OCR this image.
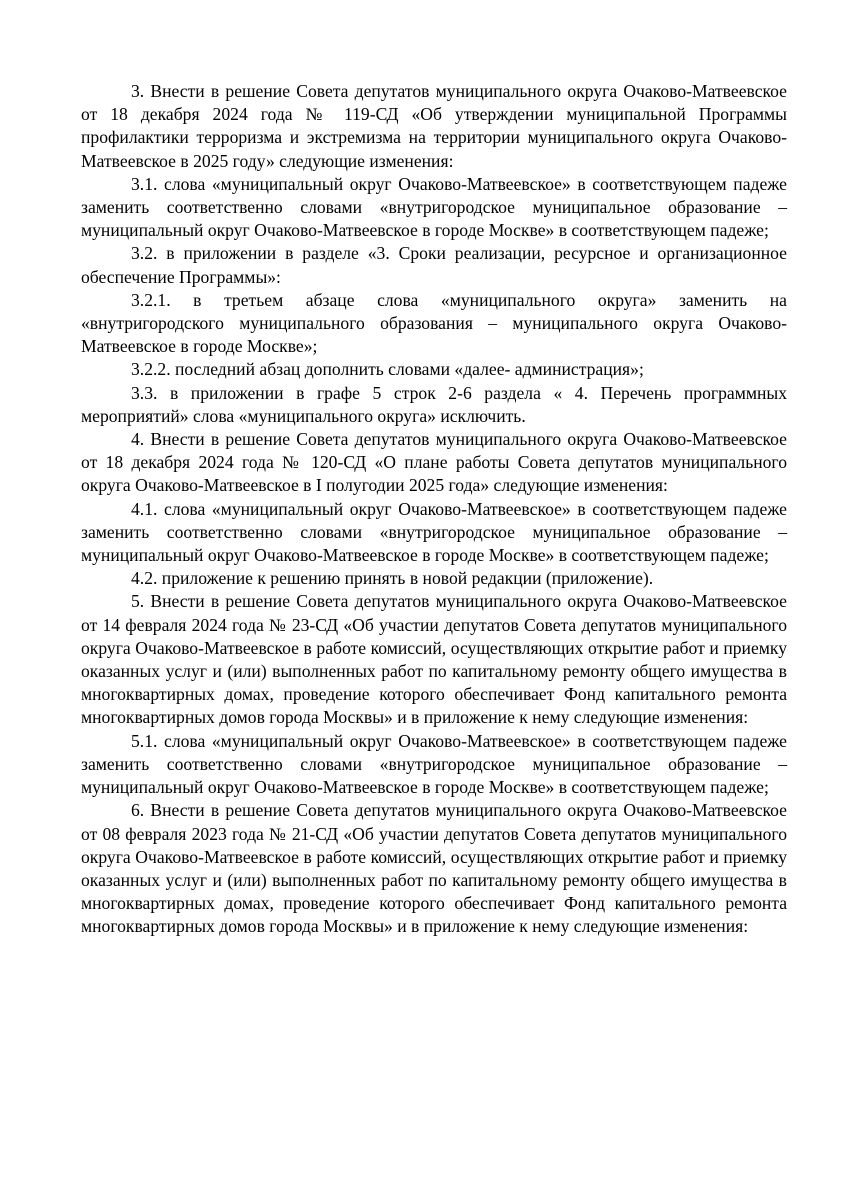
3. Внести в решение Совета депутатов муниципального округа Очаково-Матвеевское от 18 декабря 2024 года № 119-СД «Об утверждении муниципальной Программы профилактики терроризма и экстремизма на территории муниципального округа Очаково-Матвеевское в 2025 году» следующие изменения:

3.1. слова «муниципальный округ Очаково-Матвеевское» в соответствующем падеже заменить соответственно словами «внутригородское муниципальное образование – муниципальный округ Очаково-Матвеевское в городе Москве» в соответствующем падеже;

3.2. в приложении в разделе «3. Сроки реализации, ресурсное и организационное обеспечение Программы»:

3.2.1. в третьем абзаце слова «муниципального округа» заменить на «внутригородского муниципального образования – муниципального округа Очаково-Матвеевское в городе Москве»;

3.2.2. последний абзац дополнить словами «далее- администрация»;

3.3. в приложении в графе 5 строк 2-6 раздела « 4. Перечень программных мероприятий» слова «муниципального округа» исключить.

4. Внести в решение Совета депутатов муниципального округа Очаково-Матвеевское от 18 декабря 2024 года № 120-СД «О плане работы Совета депутатов муниципального округа Очаково-Матвеевское в I полугодии 2025 года» следующие изменения:

4.1. слова «муниципальный округ Очаково-Матвеевское» в соответствующем падеже заменить соответственно словами «внутригородское муниципальное образование – муниципальный округ Очаково-Матвеевское в городе Москве» в соответствующем падеже;

4.2. приложение к решению принять в новой редакции (приложение).

5. Внести в решение Совета депутатов муниципального округа Очаково-Матвеевское от 14 февраля 2024 года № 23-СД «Об участии депутатов Совета депутатов муниципального округа Очаково-Матвеевское в работе комиссий, осуществляющих открытие работ и приемку оказанных услуг и (или) выполненных работ по капитальному ремонту общего имущества в многоквартирных домах, проведение которого обеспечивает Фонд капитального ремонта многоквартирных домов города Москвы» и в приложение к нему следующие изменения:

5.1. слова «муниципальный округ Очаково-Матвеевское» в соответствующем падеже заменить соответственно словами «внутригородское муниципальное образование – муниципальный округ Очаково-Матвеевское в городе Москве» в соответствующем падеже;

6. Внести в решение Совета депутатов муниципального округа Очаково-Матвеевское от 08 февраля 2023 года № 21-СД «Об участии депутатов Совета депутатов муниципального округа Очаково-Матвеевское в работе комиссий, осуществляющих открытие работ и приемку оказанных услуг и (или) выполненных работ по капитальному ремонту общего имущества в многоквартирных домах, проведение которого обеспечивает Фонд капитального ремонта многоквартирных домов города Москвы» и в приложение к нему следующие изменения:
